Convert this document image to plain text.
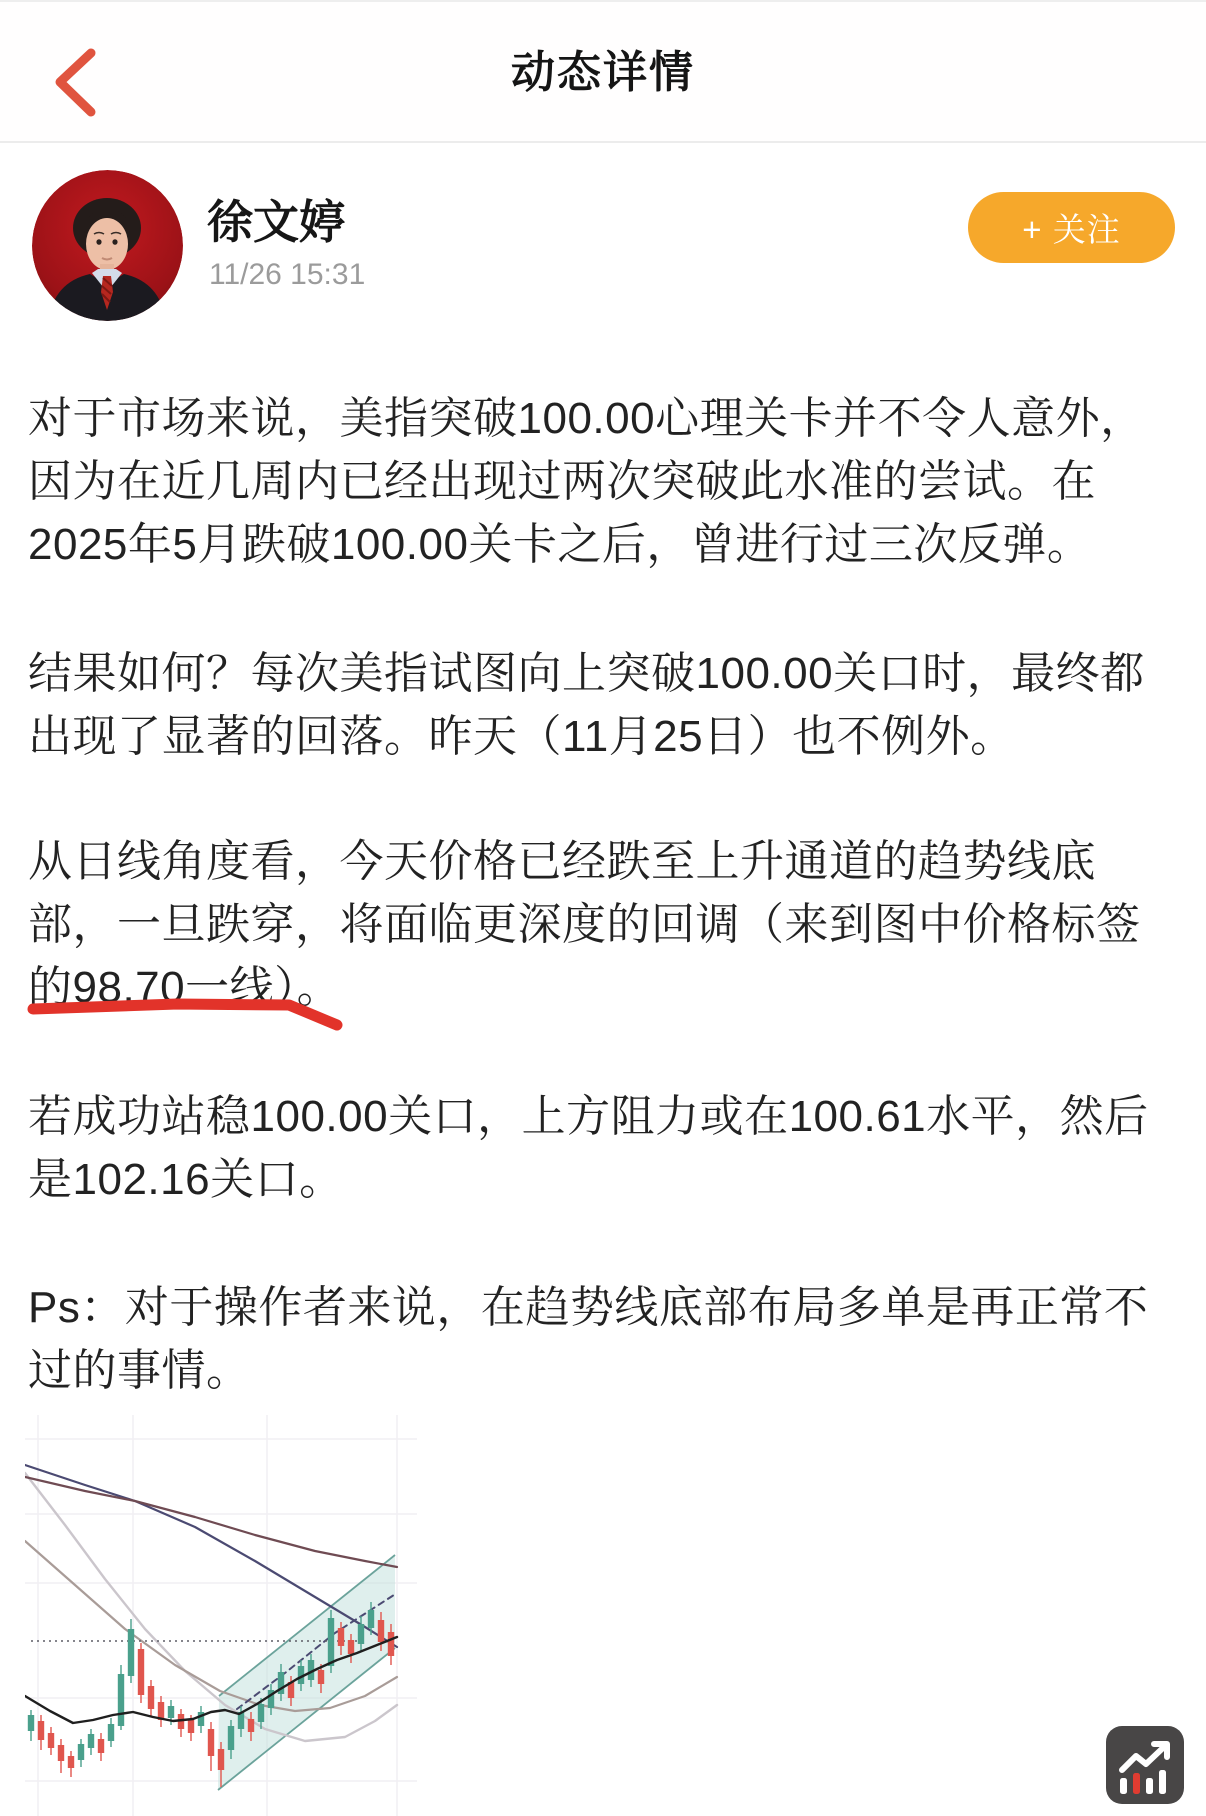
动态详情
徐文婷
11/26 15:31
+ 关注
对于市场来说，美指突破100.00心理关卡并不令人意外，
因为在近几周内已经出现过两次突破此水准的尝试。在
2025年5月跌破100.00关卡之后，曾进行过三次反弹。
结果如何？每次美指试图向上突破100.00关口时，最终都
出现了显著的回落。昨天（11月25日）也不例外。
从日线角度看，今天价格已经跌至上升通道的趋势线底
部，一旦跌穿，将面临更深度的回调（来到图中价格标签
的98.70一线）。
若成功站稳100.00关口，上方阻力或在100.61水平，然后
是102.16关口。
Ps：对于操作者来说，在趋势线底部布局多单是再正常不
过的事情。
